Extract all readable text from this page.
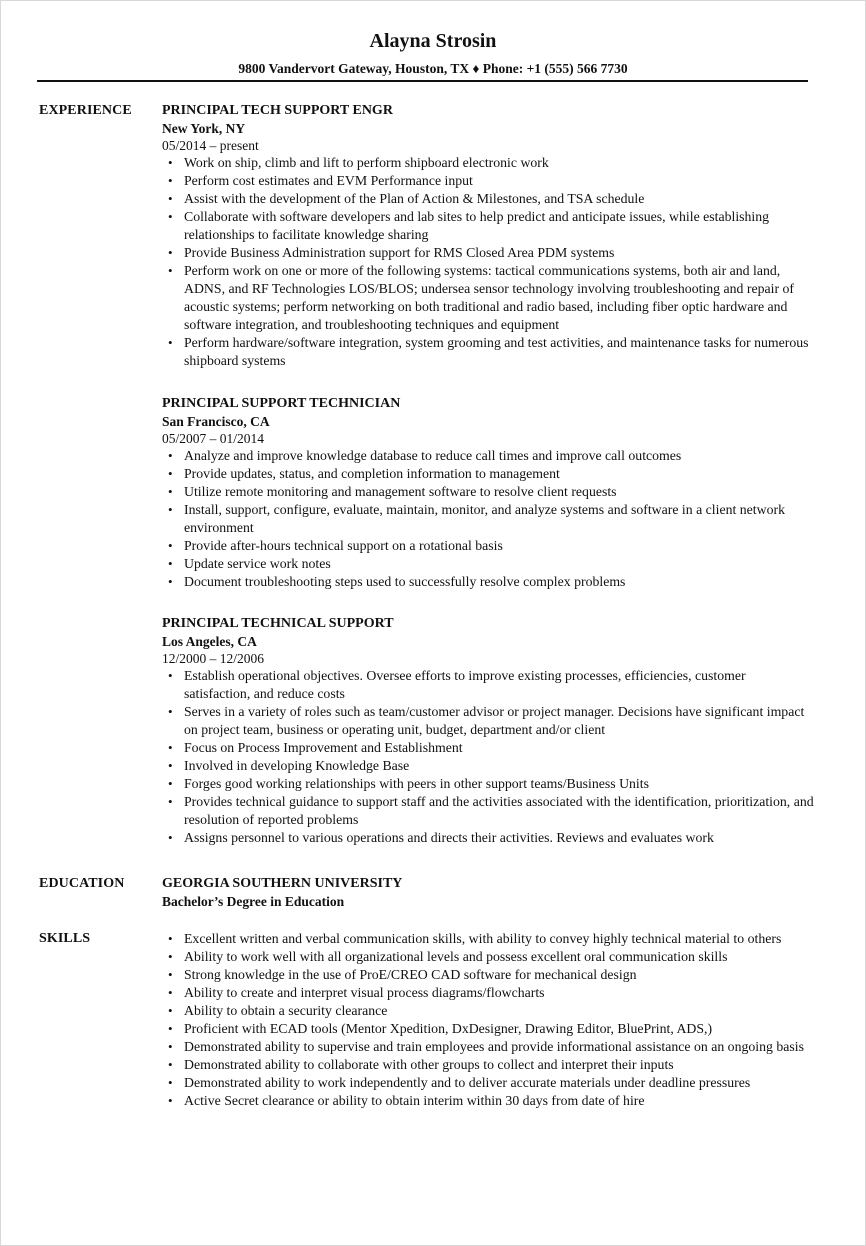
Alayna Strosin
9800 Vandervort Gateway, Houston, TX ♦ Phone: +1 (555) 566 7730
EXPERIENCE PRINCIPAL TECH SUPPORT ENGR
New York, NY
05/2014 – present
• Work on ship, climb and lift to perform shipboard electronic work
• Perform cost estimates and EVM Performance input
• Assist with the development of the Plan of Action & Milestones, and TSA schedule
• Collaborate with software developers and lab sites to help predict and anticipate issues, while establishing relationships to facilitate knowledge sharing
• Provide Business Administration support for RMS Closed Area PDM systems
• Perform work on one or more of the following systems: tactical communications systems, both air and land, ADNS, and RF Technologies LOS/BLOS; undersea sensor technology involving troubleshooting and repair of acoustic systems; perform networking on both traditional and radio based, including fiber optic hardware and software integration, and troubleshooting techniques and equipment
• Perform hardware/software integration, system grooming and test activities, and maintenance tasks for numerous shipboard systems
PRINCIPAL SUPPORT TECHNICIAN
San Francisco, CA
05/2007 – 01/2014
• Analyze and improve knowledge database to reduce call times and improve call outcomes
• Provide updates, status, and completion information to management
• Utilize remote monitoring and management software to resolve client requests
• Install, support, configure, evaluate, maintain, monitor, and analyze systems and software in a client network environment
• Provide after-hours technical support on a rotational basis
• Update service work notes
• Document troubleshooting steps used to successfully resolve complex problems
PRINCIPAL TECHNICAL SUPPORT
Los Angeles, CA
12/2000 – 12/2006
• Establish operational objectives. Oversee efforts to improve existing processes, efficiencies, customer satisfaction, and reduce costs
• Serves in a variety of roles such as team/customer advisor or project manager. Decisions have significant impact on project team, business or operating unit, budget, department and/or client
• Focus on Process Improvement and Establishment
• Involved in developing Knowledge Base
• Forges good working relationships with peers in other support teams/Business Units
• Provides technical guidance to support staff and the activities associated with the identification, prioritization, and resolution of reported problems
• Assigns personnel to various operations and directs their activities. Reviews and evaluates work
EDUCATION	GEORGIA SOUTHERN UNIVERSITY
Bachelor’s Degree in Education
SKILLS
•	Excellent written and verbal communication skills, with ability to convey highly technical material to others
• Ability to work well with all organizational levels and possess excellent oral communication skills
• Strong knowledge in the use of ProE/CREO CAD software for mechanical design
• Ability to create and interpret visual process diagrams/flowcharts
• Ability to obtain a security clearance
• Proficient with ECAD tools (Mentor Xpedition, DxDesigner, Drawing Editor, BluePrint, ADS,)
• Demonstrated ability to supervise and train employees and provide informational assistance on an ongoing basis
• Demonstrated ability to collaborate with other groups to collect and interpret their inputs
• Demonstrated ability to work independently and to deliver accurate materials under deadline pressures
• Active Secret clearance or ability to obtain interim within 30 days from date of hire
